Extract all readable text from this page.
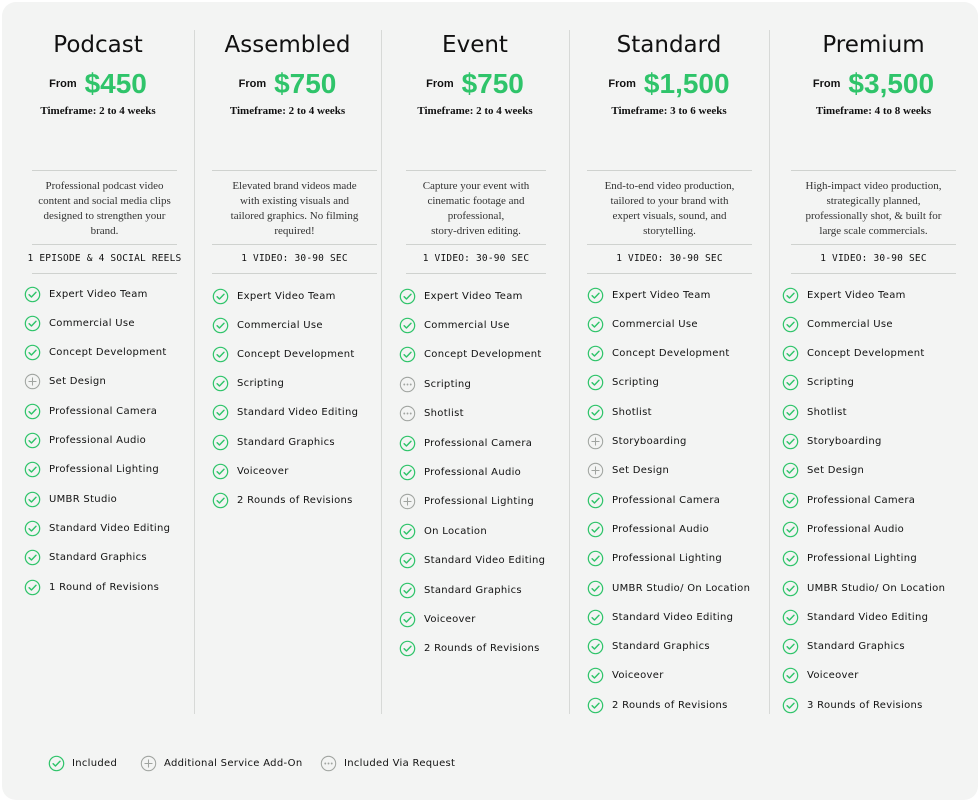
Podcast
From $450
Timeframe: 2 to 4 weeks
Professional podcast video
content and social media clips
designed to strengthen your
brand.
1 EPISODE & 4 SOCIAL REELS
Expert Video Team
Commercial Use
Concept Development
Set Design
Professional Camera
Professional Audio
Professional Lighting
UMBR Studio
Standard Video Editing
Standard Graphics
1 Round of Revisions
Assembled
From $750
Timeframe: 2 to 4 weeks
Elevated brand videos made
with existing visuals and
tailored graphics. No filming
required!
1 VIDEO: 30-90 SEC
Expert Video Team
Commercial Use
Concept Development
Scripting
Standard Video Editing
Standard Graphics
Voiceover
2 Rounds of Revisions
Event
From $750
Timeframe: 2 to 4 weeks
Capture your event with
cinematic footage and
professional,
story-driven editing.
1 VIDEO: 30-90 SEC
Expert Video Team
Commercial Use
Concept Development
Scripting
Shotlist
Professional Camera
Professional Audio
Professional Lighting
On Location
Standard Video Editing
Standard Graphics
Voiceover
2 Rounds of Revisions
Standard
From $1,500
Timeframe: 3 to 6 weeks
End-to-end video production,
tailored to your brand with
expert visuals, sound, and
storytelling.
1 VIDEO: 30-90 SEC
Expert Video Team
Commercial Use
Concept Development
Scripting
Shotlist
Storyboarding
Set Design
Professional Camera
Professional Audio
Professional Lighting
UMBR Studio/ On Location
Standard Video Editing
Standard Graphics
Voiceover
2 Rounds of Revisions
Premium
From $3,500
Timeframe: 4 to 8 weeks
High-impact video production,
strategically planned,
professionally shot, & built for
large scale commercials.
1 VIDEO: 30-90 SEC
Expert Video Team
Commercial Use
Concept Development
Scripting
Shotlist
Storyboarding
Set Design
Professional Camera
Professional Audio
Professional Lighting
UMBR Studio/ On Location
Standard Video Editing
Standard Graphics
Voiceover
3 Rounds of Revisions
Included	Additional Service Add-On	Included Via Request
